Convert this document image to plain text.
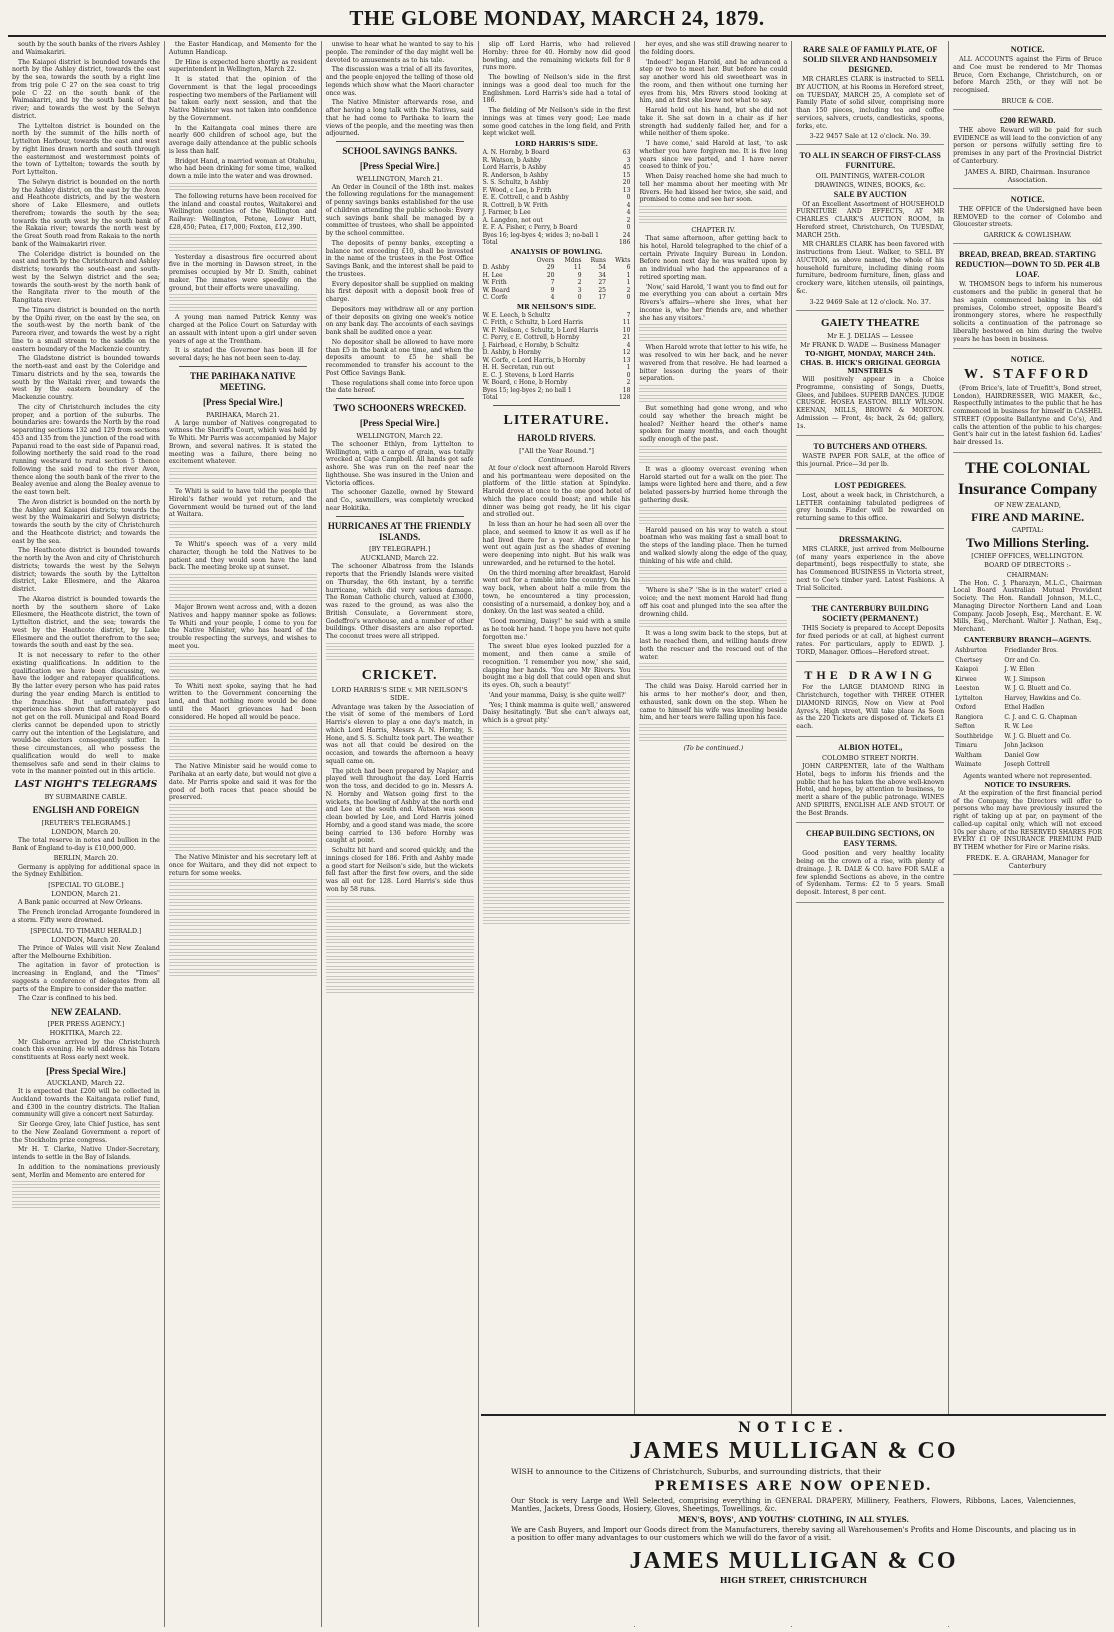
THE GLOBE MONDAY, MARCH 24, 1879.

south by the south banks of the rivers Ashley and Waimakariri.

The Kaiapoi district is bounded towards the north by the Ashley district, towards the east by the sea, towards the south by a right line from trig pole C 27 on the sea coast to trig pole C 22 on the south bank of the Waimakariri, and by the south bank of that river; and towards the west by the Selwyn district.

The Lyttelton district is bounded on the north by the summit of the hills north of Lyttelton Harbour, towards the east and west by right lines drawn north and south through the easternmost and westernmost points of the town of Lyttelton; towards the south by Port Lyttelton.

The Selwyn district is bounded on the north by the Ashley district, on the east by the Avon and Heathcote districts, and by the western shore of Lake Ellesmere, and outlets therefrom; towards the south by the sea; towards the south west by the south bank of the Rakaia river; towards the north west by the Great South road from Rakaia to the north bank of the Waimakariri river.

The Coleridge district is bounded on the east and north by the Christchurch and Ashley districts; towards the south-east and south-west by the Selwyn district and the sea; towards the south-west by the north bank of the Rangitata river to the mouth of the Rangitata river.

The Timaru district is bounded on the north by the Opihi river, on the east by the sea, on the south-west by the north bank of the Pareora river, and towards the west by a right line to a small stream to the saddle on the eastern boundary of the Mackenzie country.

The Gladstone district is bounded towards the north-east and east by the Coleridge and Timaru districts and by the sea, towards the south by the Waitaki river, and towards the west by the eastern boundary of the Mackenzie country.

The city of Christchurch includes the city proper, and a portion of the suburbs. The boundaries are: towards the North by the road separating sections 132 and 129 from sections 453 and 135 from the junction of the road with Papanui road to the east side of Papanui road, following northerly the said road to the road running westward to rural section 5 thence following the said road to the river Avon, thence along the south bank of the river to the Bealey avenue and along the Bealey avenue to the east town belt.

The Avon district is bounded on the north by the Ashley and Kaiapoi districts; towards the west by the Waimakariri and Selwyn districts; towards the south by the city of Christchurch and the Heathcote district; and towards the east by the sea.

The Heathcote district is bounded towards the north by the Avon and city of Christchurch districts; towards the west by the Selwyn district; towards the south by the Lyttelton district, Lake Ellesmere, and the Akaroa district.

The Akaroa district is bounded towards the north by the southern shore of Lake Ellesmere, the Heathcote district, the town of Lyttelton district, and the sea; towards the west by the Heathcote district, by Lake Ellesmere and the outlet therefrom to the sea; towards the south and east by the sea.

It is not necessary to refer to the other existing qualifications. In addition to the qualification we have been discussing, we have the lodger and ratepayer qualifications. By the latter every person who has paid rates during the year ending March is entitled to the franchise. But unfortunately past experience has shown that all ratepayers do not get on the roll. Municipal and Road Board clerks cannot be depended upon to strictly carry out the intention of the Legislature, and would-be electors consequently suffer. In these circumstances, all who possess the qualification would do well to make themselves safe and send in their claims to vote in the manner pointed out in this article.

LAST NIGHT'S TELEGRAMS
BY SUBMARINE CABLE.
ENGLISH AND FOREIGN
[REUTER'S TELEGRAMS.]
LONDON, March 20.

The total reserve in notes and bullion in the Bank of England to-day is £10,000,000.

BERLIN, March 20.

Germany is applying for additional space in the Sydney Exhibition.

[SPECIAL TO GLOBE.]
LONDON, March 21.

A Bank panic occurred at New Orleans.

The French ironclad Arrogante foundered in a storm. Fifty were drowned.

[SPECIAL TO TIMARU HERALD.]
LONDON, March 20.

The Prince of Wales will visit New Zealand after the Melbourne Exhibition.

The agitation in favor of protection is increasing in England, and the "Times" suggests a conference of delegates from all parts of the Empire to consider the matter.

The Czar is confined to his bed.

NEW ZEALAND.
[PER PRESS AGENCY.]
HOKITIKA, March 22.

Mr Gisborne arrived by the Christchurch coach this evening. He will address his Totara constituents at Ross early next week.

[Press Special Wire.]
AUCKLAND, March 22.

It is expected that £200 will be collected in Auckland towards the Kaitangata relief fund, and £300 in the country districts. The Italian community will give a concert next Saturday.

Sir George Grey, late Chief Justice, has sent to the New Zealand Government a report of the Stockholm prize congress.

Mr H. T. Clarke, Native Under-Secretary, intends to settle in the Bay of Islands.

In addition to the nominations previously sent, Merlin and Memento are entered for

the Easter Handicap, and Memento for the Autumn Handicap.

Dr Hine is expected here shortly as resident superintendent in Wellington, March 22.

It is stated that the opinion of the Government is that the legal proceedings respecting two members of the Parliament will be taken early next session, and that the Native Minister was not taken into confidence by the Government.

In the Kaitangata coal mines there are nearly 600 children of school age, but the average daily attendance at the public schools is less than half.

Bridget Hand, a married woman at Otahuhu, who had been drinking for some time, walked down a mile into the water and was drowned.

The following returns have been received for the inland and coastal routes, Waitakerei and Wellington counties of the Wellington and Railway: Wellington, Petone, Lower Hutt, £28,450; Patea, £17,000; Foxton, £12,390.

Yesterday a disastrous fire occurred about five in the morning in Dawson street, in the premises occupied by Mr D. Smith, cabinet maker. The inmates were speedily on the ground, but their efforts were unavailing.

A young man named Patrick Kenny was charged at the Police Court on Saturday with an assault with intent upon a girl under seven years of age at the Trentham.

It is stated the Governor has been ill for several days; he has not been seen to-day.

THE PARIHAKA NATIVE MEETING.
[Press Special Wire.]
PARIHAKA, March 21.

A large number of Natives congregated to witness the Sheriff's Court, which was held by Te Whiti. Mr Parris was accompanied by Major Brown, and several natives. It is stated the meeting was a failure, there being no excitement whatever.

Te Whiti is said to have told the people that Hiroki's father would yet return, and the Government would be turned out of the land at Waitara.

Te Whiti's speech was of a very mild character, though he told the Natives to be patient and they would soon have the land back. The meeting broke up at sunset.

Major Brown went across and, with a dozen Natives and happy manner spoke as follows: Te Whiti and your people, I come to you for the Native Minister, who has heard of the trouble respecting the surveys, and wishes to meet you.

To Whiti next spoke, saying that he had written to the Government concerning the land, and that nothing more would be done until the Maori grievances had been considered. He hoped all would be peace.

The Native Minister said he would come to Parihaka at an early date, but would not give a date. Mr Parris spoke and said it was for the good of both races that peace should be preserved.

The Native Minister and his secretary left at once for Waitara, and they did not expect to return for some weeks.

unwise to hear what he wanted to say to his people. The reminder of the day might well be devoted to amusements as to his tale.

The discussion was a trial of all its favorites, and the people enjoyed the telling of those old legends which show what the Maori character once was.

The Native Minister afterwards rose, and after having a long talk with the Natives, said that he had come to Parihaka to learn the views of the people, and the meeting was then adjourned.

SCHOOL SAVINGS BANKS.
[Press Special Wire.]
WELLINGTON, March 21.

An Order in Council of the 18th inst. makes the following regulations for the management of penny savings banks established for the use of children attending the public schools: Every such savings bank shall be managed by a committee of trustees, who shall be appointed by the school committee.

The deposits of penny banks, excepting a balance not exceeding £10, shall be invested in the name of the trustees in the Post Office Savings Bank, and the interest shall be paid to the trustees.

Every depositor shall be supplied on making his first deposit with a deposit book free of charge.

Depositors may withdraw all or any portion of their deposits on giving one week's notice on any bank day. The accounts of each savings bank shall be audited once a year.

No depositor shall be allowed to have more than £5 in the bank at one time, and when the deposits amount to £5 he shall be recommended to transfer his account to the Post Office Savings Bank.

These regulations shall come into force upon the date hereof.

TWO SCHOONERS WRECKED.
[Press Special Wire.]
WELLINGTON, March 22.

The schooner Ethlyn, from Lyttelton to Wellington, with a cargo of grain, was totally wrecked at Cape Campbell. All hands got safe ashore. She was run on the reef near the lighthouse. She was insured in the Union and Victoria offices.

The schooner Gazelle, owned by Steward and Co., sawmillers, was completely wrecked near Hokitika.

HURRICANES AT THE FRIENDLY ISLANDS.
[BY TELEGRAPH.]
AUCKLAND, March 22.

The schooner Albatross from the Islands reports that the Friendly Islands were visited on Thursday, the 6th instant, by a terrific hurricane, which did very serious damage. The Roman Catholic church, valued at £3000, was razed to the ground, as was also the British Consulate, a Government store, Godeffroi's warehouse, and a number of other buildings. Other disasters are also reported. The coconut trees were all stripped.

CRICKET.
LORD HARRIS'S SIDE v. MR NEILSON'S SIDE.

Advantage was taken by the Association of the visit of some of the members of Lord Harris's eleven to play a one day's match, in which Lord Harris, Messrs A. N. Hornby, S. Hone, and S. S. Schultz took part. The weather was not all that could be desired on the occasion, and towards the afternoon a heavy squall came on.

The pitch had been prepared by Napier, and played well throughout the day. Lord Harris won the toss, and decided to go in. Messrs A. N. Hornby and Watson going first to the wickets, the bowling of Ashby at the north end and Lee at the south end. Watson was soon clean bowled by Lee, and Lord Harris joined Hornby, and a good stand was made, the score being carried to 136 before Hornby was caught at point.

Schultz hit hard and scored quickly, and the innings closed for 186. Frith and Ashby made a good start for Neilson's side, but the wickets fell fast after the first few overs, and the side was all out for 128. Lord Harris's side thus won by 58 runs.

slip off Lord Harris, who had relieved Hornby: three for 40. Hornby now did good bowling, and the remaining wickets fell for 8 runs more.

The bowling of Neilson's side in the first innings was a good deal too much for the Englishmen. Lord Harris's side had a total of 186.

The fielding of Mr Neilson's side in the first innings was at times very good; Lee made some good catches in the long field, and Frith kept wicket well.

LORD HARRIS'S SIDE.
A. N. Hornby, b Board	63
R. Watson, b Ashby	3
Lord Harris, b Ashby	45
R. Anderson, b Ashby	15
S. S. Schultz, b Ashby	20
F. Wood, c Lee, b Frith	13
E. E. Cottrell, c and b Ashby	0
R. Cottrell, b W. Frith	4
J. Farmer, b Lee	4
A. Langdon, not out	2
E. F. A. Fisher, c Perry, b Board	0
Byes 16; leg-byes 4; wides 3; no-ball 1	24
Total	186
ANALYSIS OF BOWLING.
	Overs	Mdns	Runs	Wkts
D. Ashby	29	11	54	6
H. Lee	20	9	34	1
W. Frith	7	2	27	1
W. Board	9	3	25	2
C. Corfe	4	0	17	0
MR NEILSON'S SIDE.
W. E. Leech, b Schultz	7
C. Frith, c Schultz, b Lord Harris	11
W. P. Neilson, c Schultz, b Lord Harris	10
C. Perry, c E. Cottrell, b Hornby	21
J. Fairhead, c Hornby, b Schultz	4
D. Ashby, b Hornby	12
W. Corfe, c Lord Harris, b Hornby	13
H. H. Secretan, run out	1
E. C. J. Stevens, b Lord Harris	0
W. Board, c Hone, b Hornby	2
Byes 15; leg-byes 2; no ball 1	18
Total	128
LITERATURE.
HAROLD RIVERS.
["All the Year Round."]
Continued.

At four o'clock next afternoon Harold Rivers and his portmanteau were deposited on the platform of the little station at Spindyke. Harold drove at once to the one good hotel of which the place could boast; and while his dinner was being got ready, he lit his cigar and strolled out.

In less than an hour he had seen all over the place, and seemed to know it as well as if he had lived there for a year. After dinner he went out again just as the shades of evening were deepening into night. But his walk was unrewarded, and he returned to the hotel.

On the third morning after breakfast, Harold went out for a ramble into the country. On his way back, when about half a mile from the town, he encountered a tiny procession, consisting of a nursemaid, a donkey boy, and a donkey. On the last was seated a child.

'Good morning, Daisy!' he said with a smile as he took her hand. 'I hope you have not quite forgotten me.'

The sweet blue eyes looked puzzled for a moment, and then came a smile of recognition. 'I remember you now,' she said, clapping her hands. 'You are Mr Rivers. You bought me a big doll that could open and shut its eyes. Oh, such a beauty!'

'And your mamma, Daisy, is she quite well?'

'Yes; I think mamma is quite well,' answered Daisy hesitatingly. 'But she can't always eat, which is a great pity.'

her eyes, and she was still drawing nearer to the folding doors.

'Indeed!' began Harold, and he advanced a step or two to meet her. But before he could say another word his old sweetheart was in the room, and then without one turning her eyes from his, Mrs Rivers stood looking at him, and at first she knew not what to say.

Harold held out his hand, but she did not take it. She sat down in a chair as if her strength had suddenly failed her, and for a while neither of them spoke.

'I have come,' said Harold at last, 'to ask whether you have forgiven me. It is five long years since we parted, and I have never ceased to think of you.'

When Daisy reached home she had much to tell her mamma about her meeting with Mr Rivers. He had kissed her twice, she said, and promised to come and see her soon.

CHAPTER IV.

That same afternoon, after getting back to his hotel, Harold telegraphed to the chief of a certain Private Inquiry Bureau in London. Before noon next day he was waited upon by an individual who had the appearance of a retired sporting man.

'Now,' said Harold, 'I want you to find out for me everything you can about a certain Mrs Rivers's affairs—where she lives, what her income is, who her friends are, and whether she has any visitors.'

When Harold wrote that letter to his wife, he was resolved to win her back, and he never wavered from that resolve. He had learned a bitter lesson during the years of their separation.

But something had gone wrong, and who could say whether the breach might be healed? Neither heard the other's name spoken for many months, and each thought sadly enough of the past.

It was a gloomy overcast evening when Harold started out for a walk on the pier. The lamps were lighted here and there, and a few belated passers-by hurried home through the gathering dusk.

Harold paused on his way to watch a stout boatman who was making fast a small boat to the steps of the landing place. Then he turned and walked slowly along the edge of the quay, thinking of his wife and child.

'Where is she?' 'She is in the water!' cried a voice; and the next moment Harold had flung off his coat and plunged into the sea after the drowning child.

It was a long swim back to the steps, but at last he reached them, and willing hands drew both the rescuer and the rescued out of the water.

The child was Daisy. Harold carried her in his arms to her mother's door, and then, exhausted, sank down on the step. When he came to himself his wife was kneeling beside him, and her tears were falling upon his face.

(To be continued.)
RARE SALE OF FAMILY PLATE, OF SOLID SILVER AND HANDSOMELY DESIGNED.

MR CHARLES CLARK is instructed to SELL BY AUCTION, at his Rooms in Hereford street, on TUESDAY, MARCH 25, A complete set of Family Plate of solid silver, comprising more than 150 pieces, including tea and coffee services, salvers, cruets, candlesticks, spoons, forks, etc.

3-22 9457 Sale at 12 o'clock. No. 39.
TO ALL IN SEARCH OF FIRST-CLASS FURNITURE.
OIL PAINTINGS, WATER-COLOR DRAWINGS, WINES, BOOKS, &c.
SALE BY AUCTION

Of an Excellent Assortment of HOUSEHOLD FURNITURE AND EFFECTS, AT MR CHARLES CLARK'S AUCTION ROOM, In Hereford street, Christchurch, On TUESDAY, MARCH 25th.

MR CHARLES CLARK has been favored with instructions from Lieut. Walker, to SELL BY AUCTION, as above named, the whole of his household furniture, including dining room furniture, bedroom furniture, linen, glass and crockery ware, kitchen utensils, oil paintings, &c.

3-22 9469 Sale at 12 o'clock. No. 37.
GAIETY THEATRE
Mr E. J. DELIAS — Lessee
Mr FRANK D. WADE — Business Manager
TO-NIGHT, MONDAY, MARCH 24th.
CHAS. B. HICK'S ORIGINAL GEORGIA MINSTRELS

Will positively appear in a Choice Programme, consisting of Songs, Duetts, Glees, and Jubilees. SUPERB DANCES. JUDGE CRUSOE. HOSEA EASTON. BILLY WILSON. KEENAN, MILLS, BROWN & MORTON. Admission — Front, 4s; back, 2s 6d; gallery, 1s.

TO BUTCHERS AND OTHERS.

WASTE PAPER FOR SALE, at the office of this journal. Price—3d per lb.

LOST PEDIGREES.

Lost, about a week back, in Christchurch, a LETTER containing tabulated pedigrees of grey hounds. Finder will be rewarded on returning same to this office.

DRESSMAKING.

MRS CLARKE, just arrived from Melbourne (of many years experience in the above department), begs respectfully to state, she has Commenced BUSINESS in Victoria street, next to Coe's timber yard. Latest Fashions. A Trial Solicited.

THE CANTERBURY BUILDING SOCIETY (PERMANENT.)

THIS Society is prepared to Accept Deposits for fixed periods or at call, at highest current rates. For particulars, apply to EDWD. J. TORD, Manager. Offices—Hereford street.

THE DRAWING

For the LARGE DIAMOND RING in Christchurch, together with THREE OTHER DIAMOND RINGS, Now on View at Pool Ayres's, High street, Will take place As Soon as the 220 Tickets are disposed of. Tickets £1 each.

ALBION HOTEL,
COLOMBO STREET NORTH.

JOHN CARPENTER, late of the Waltham Hotel, begs to inform his friends and the public that he has taken the above well-known Hotel, and hopes, by attention to business, to merit a share of the public patronage. WINES AND SPIRITS, ENGLISH ALE AND STOUT. Of the Best Brands.

CHEAP BUILDING SECTIONS, ON EASY TERMS.

Good position and very healthy locality being on the crown of a rise, with plenty of drainage. J. R. DALE & CO. have FOR SALE a few splendid Sections as above, in the centre of Sydenham. Terms: £2 to 5 years. Small deposit. Interest, 8 per cent.

NOTICE.

ALL ACCOUNTS against the Firm of Bruce and Coe must be rendered to Mr Thomas Bruce, Corn Exchange, Christchurch, on or before March 25th, or they will not be recognised.

BRUCE & COE.
£200 REWARD.

THE above Reward will be paid for such EVIDENCE as will lead to the conviction of any person or persons wilfully setting fire to premises in any part of the Provincial District of Canterbury.

JAMES A. BIRD, Chairman. Insurance Association.
NOTICE.

THE OFFICE of the Undersigned have been REMOVED to the corner of Colombo and Gloucester streets.

GARRICK & COWLISHAW.
BREAD, BREAD, BREAD. STARTING REDUCTION—DOWN TO 5D. PER 4LB LOAF.

W. THOMSON begs to inform his numerous customers and the public in general that he has again commenced baking in his old premises, Colombo street, opposite Beard's ironmongery stores, where he respectfully solicits a continuation of the patronage so liberally bestowed on him during the twelve years he has been in business.

NOTICE.
W. STAFFORD

(From Brice's, late of Truefitt's, Bond street, London), HAIRDRESSER, WIG MAKER, &c., Respectfully intimates to the public that he has commenced in business for himself in CASHEL STREET (Opposite Ballantyne and Co's), And calls the attention of the public to his charges: Gent's hair cut in the latest fashion 6d. Ladies' hair dressed 1s.

THE COLONIAL
Insurance Company
OF NEW ZEALAND,
FIRE AND MARINE.
CAPITAL:
Two Millions Sterling.
[CHIEF OFFICES, WELLINGTON.
BOARD OF DIRECTORS :-
CHAIRMAN:

The Hon. C. J. Pharazyn, M.L.C., Chairman Local Board Australian Mutual Provident Society. The Hon. Randall Johnson, M.L.C., Managing Director Northern Land and Loan Company. Jacob Joseph, Esq., Merchant. E. W. Mills, Esq., Merchant. Walter J. Nathan, Esq., Merchant.

CANTERBURY BRANCH—AGENTS.
Ashburton	Friedlander Bros.
Chertsey	Orr and Co.
Kaiapoi	J. W. Ellen
Kirwee	W. J. Simpson
Leeston	W. J. G. Bluett and Co.
Lyttelton	Harvey, Hawkins and Co.
Oxford	Ethel Hadlen
Rangiora	C. J. and C. G. Chapman
Sefton	R. W. Lee
Southbridge	W. J. G. Bluett and Co.
Timaru	John Jackson
Waltham	Daniel Gow
Waimate	Joseph Cottrell
Agents wanted where not represented.
NOTICE TO INSURERS.

At the expiration of the first financial period of the Company, the Directors will offer to persons who may have previously insured the right of taking up at par, on payment of the called-up capital only, which will not exceed 10s per share, of the RESERVED SHARES FOR EVERY £1 OF INSURANCE PREMIUM PAID BY THEM whether for Fire or Marine risks.

FREDK. E. A. GRAHAM, Manager for Canterbury
NOTICE.
JAMES MULLIGAN & CO
WISH to announce to the Citizens of Christchurch, Suburbs, and surrounding districts, that their
PREMISES ARE NOW OPENED.
Our Stock is very Large and Well Selected, comprising everything in GENERAL DRAPERY, Millinery, Feathers, Flowers, Ribbons, Laces, Valenciennes, Mantles, Jackets, Dress Goods, Hosiery, Gloves, Sheetings, Towellings, &c.
MEN'S, BOYS', AND YOUTHS' CLOTHING, IN ALL STYLES.
We are Cash Buyers, and Import our Goods direct from the Manufacturers, thereby saving all Warehousemen's Profits and Home Discounts, and placing us in a position to offer many advantages to our customers which we will do the favor of a visit.
JAMES MULLIGAN & CO
HIGH STREET, CHRISTCHURCH
